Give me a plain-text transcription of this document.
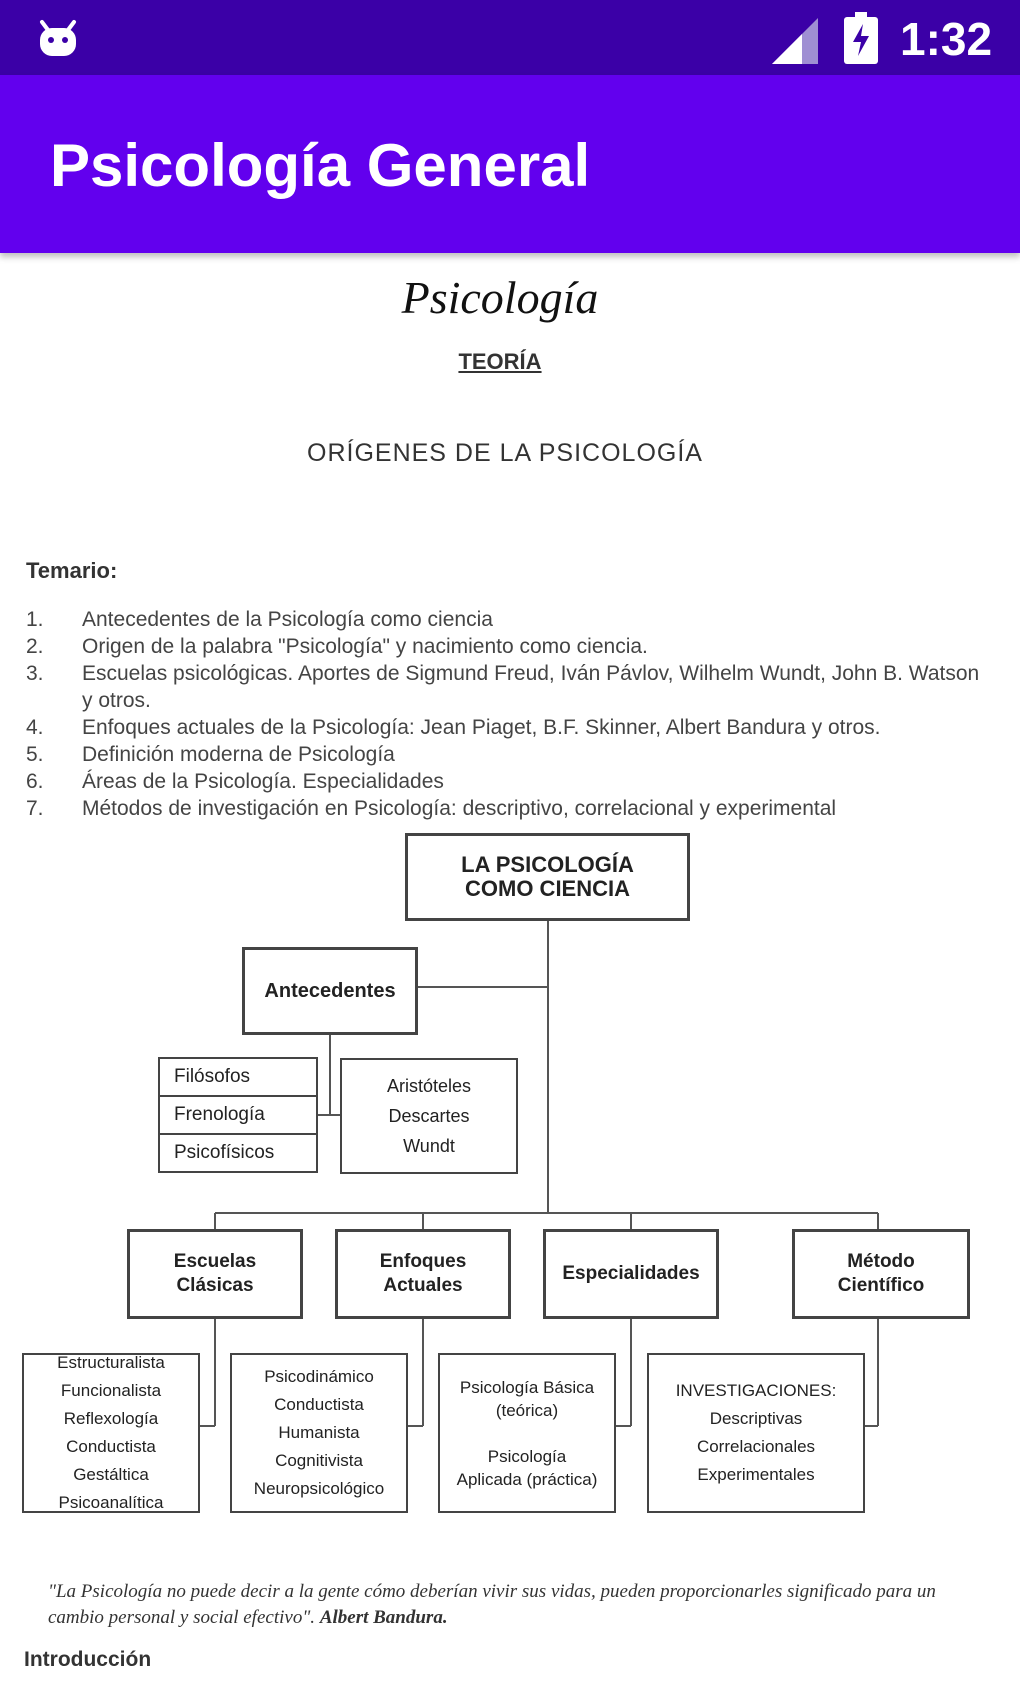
1:32
Psicología General
Psicología
TEORÍA
ORÍGENES DE LA PSICOLOGÍA
Temario:
1. Antecedentes de la Psicología como ciencia
2. Origen de la palabra "Psicología" y nacimiento como ciencia.
3. Escuelas psicológicas. Aportes de Sigmund Freud, Iván Pávlov, Wilhelm Wundt, John B. Watson y otros.
4. Enfoques actuales de la Psicología: Jean Piaget, B.F. Skinner, Albert Bandura y otros.
5. Definición moderna de Psicología
6. Áreas de la Psicología. Especialidades
7. Métodos de investigación en Psicología: descriptivo, correlacional y experimental
LA PSICOLOGÍA
COMO CIENCIA
Antecedentes
Filósofos
Frenología
Psicofísicos
Aristóteles
Descartes
Wundt
Escuelas
Clásicas
Enfoques
Actuales
Especialidades
Método
Científico
Estructuralista
Funcionalista
Reflexología
Conductista
Gestáltica
Psicoanalítica
Psicodinámico
Conductista
Humanista
Cognitivista
Neuropsicológico
Psicología Básica
(teórica)

Psicología
Aplicada (práctica)
INVESTIGACIONES:
Descriptivas
Correlacionales
Experimentales
"La Psicología no puede decir a la gente cómo deberían vivir sus vidas, pueden proporcionarles significado para un cambio personal y social efectivo". Albert Bandura.
Introducción
